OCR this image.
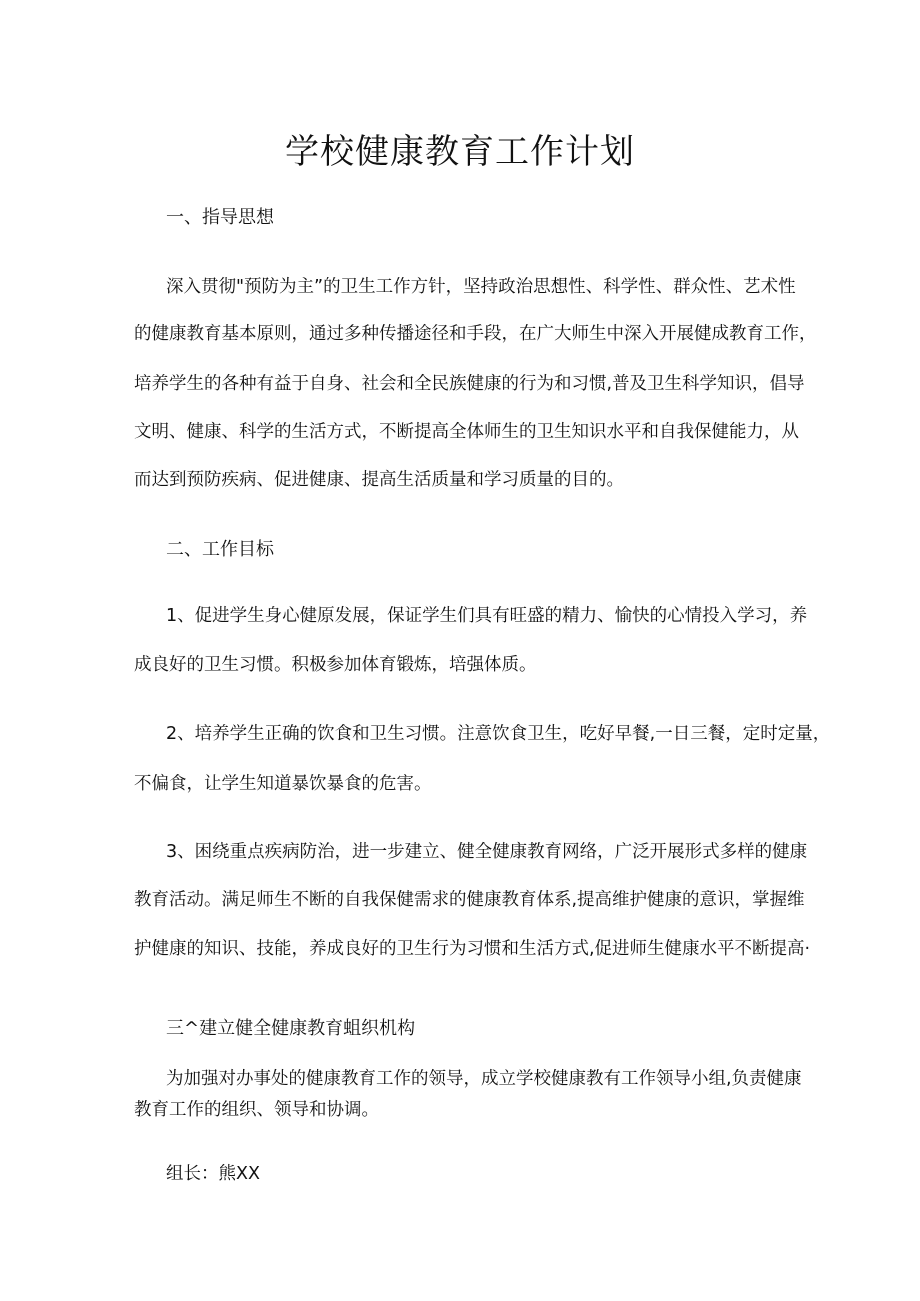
学校健康教育工作计划
一、指导思想
深入贯彻"预防为主”的卫生工作方针，坚持政治思想性、科学性、群众性、艺术性
的健康教育基本原则，通过多种传播途径和手段，在广大师生中深入开展健成教育工作，
培养学生的各种有益于自身、社会和全民族健康的行为和习惯,普及卫生科学知识，倡导
文明、健康、科学的生活方式，不断提高全体师生的卫生知识水平和自我保健能力，从
而达到预防疾病、促进健康、提高生活质量和学习质量的目的。
二、工作目标
1、促进学生身心健原发展，保证学生们具有旺盛的精力、愉快的心情投入学习，养
成良好的卫生习惯。积极参加体育锻炼，培强体质。
2、培养学生正确的饮食和卫生习惯。注意饮食卫生，吃好早餐,一日三餐，定时定量，
不偏食，让学生知道暴饮暴食的危害。
3、困绕重点疾病防治，进一步建立、健全健康教育网络，广泛开展形式多样的健康
教育活动。满足师生不断的自我保健需求的健康教育体系,提高维护健康的意识，掌握维
护健康的知识、技能，养成良好的卫生行为习惯和生活方式,促进师生健康水平不断提高·
三^建立健全健康教育蛆织机构
为加强对办事处的健康教育工作的领导，成立学校健康教有工作领导小组,负责健康
教育工作的组织、领导和协调。
组长：熊XX
